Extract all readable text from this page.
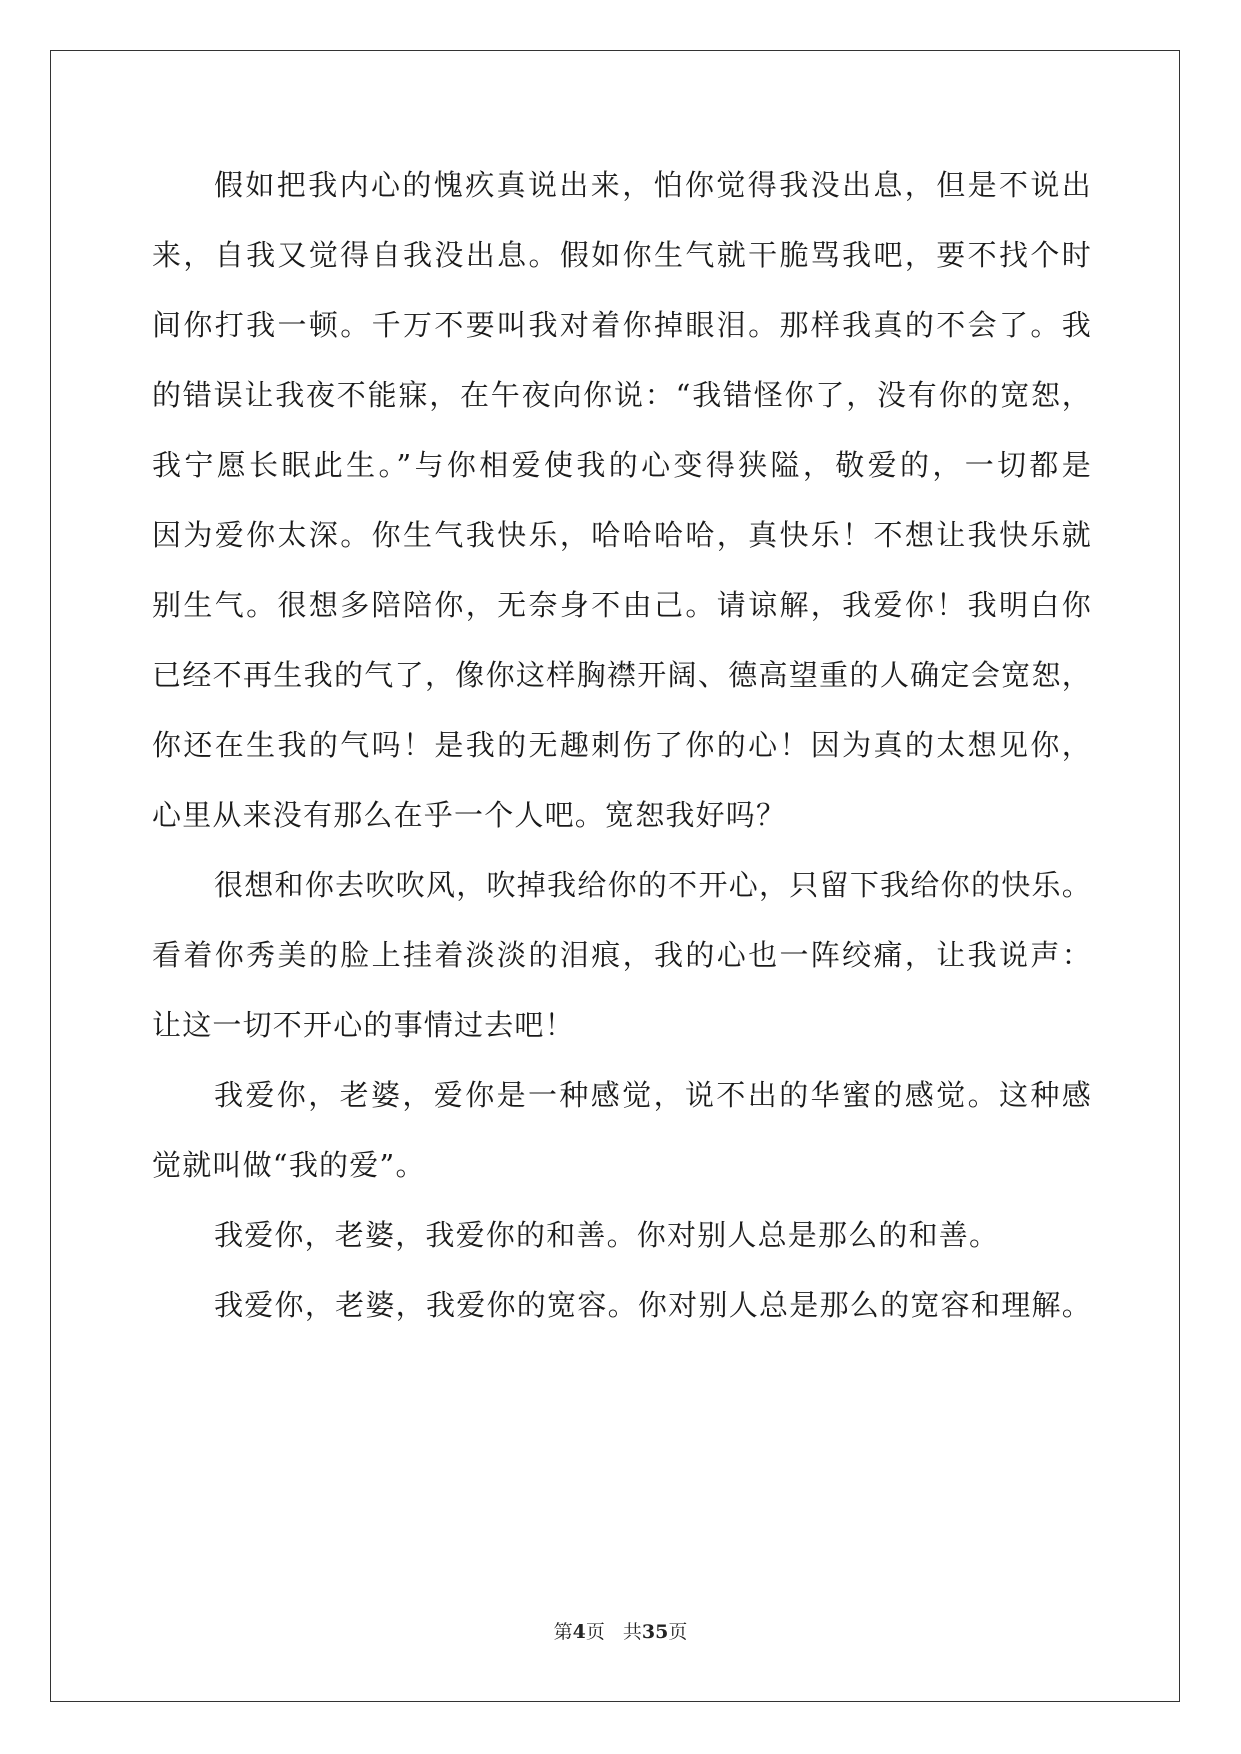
假如把我内心的愧疚真说出来，怕你觉得我没出息，但是不说出
来，自我又觉得自我没出息。假如你生气就干脆骂我吧，要不找个时
间你打我一顿。千万不要叫我对着你掉眼泪。那样我真的不会了。我
的错误让我夜不能寐，在午夜向你说：“我错怪你了，没有你的宽恕，
我宁愿长眠此生。”与你相爱使我的心变得狭隘，敬爱的，一切都是
因为爱你太深。你生气我快乐，哈哈哈哈，真快乐！不想让我快乐就
别生气。很想多陪陪你，无奈身不由己。请谅解，我爱你！我明白你
已经不再生我的气了，像你这样胸襟开阔、德高望重的人确定会宽恕，
你还在生我的气吗！是我的无趣刺伤了你的心！因为真的太想见你，
心里从来没有那么在乎一个人吧。宽恕我好吗？
很想和你去吹吹风，吹掉我给你的不开心，只留下我给你的快乐。
看着你秀美的脸上挂着淡淡的泪痕，我的心也一阵绞痛，让我说声：
让这一切不开心的事情过去吧！
我爱你，老婆，爱你是一种感觉，说不出的华蜜的感觉。这种感
觉就叫做“我的爱”。
我爱你，老婆，我爱你的和善。你对别人总是那么的和善。
我爱你，老婆，我爱你的宽容。你对别人总是那么的宽容和理解。
第4页 共35页
